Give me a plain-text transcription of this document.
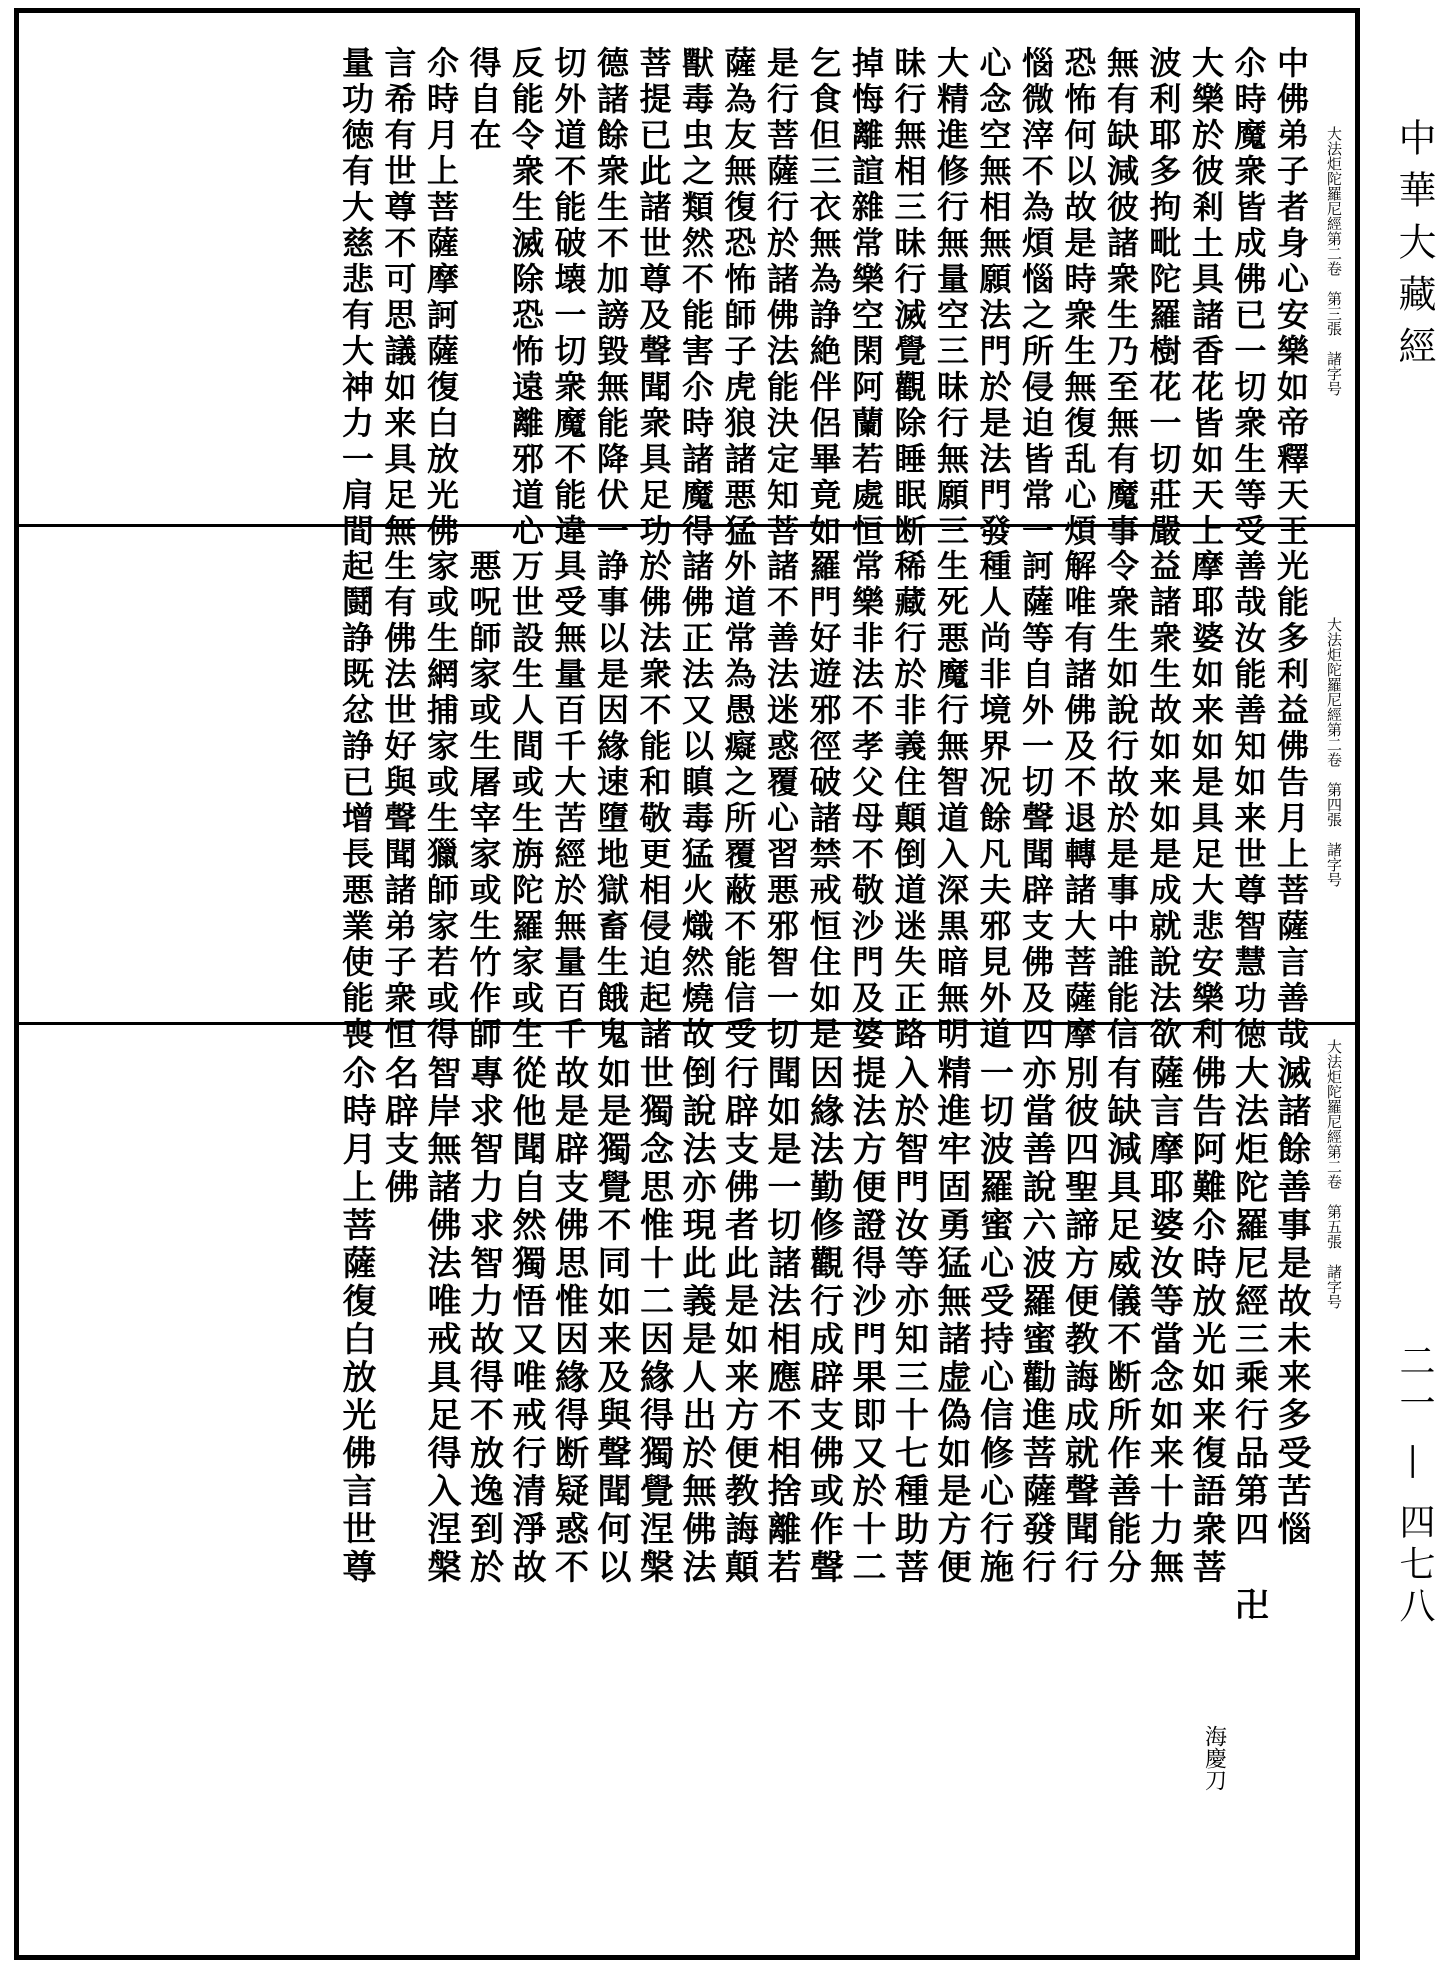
大法炬陀羅尼經第二卷　第三張　諸字号
中佛弟子者身心安樂如帝釋天王
尒時魔衆皆成佛已一切衆生等受
大樂於彼剎土具諸香花皆如天上
波利耶多拘毗陀羅樹花一切莊嚴
無有缺減彼諸衆生乃至無有魔事
恐怖何以故是時衆生無復乱心煩
惱微滓不為煩惱之所侵迫皆常一
心念空無相無願法門於是法門發
大精進修行無量空三昧行無願三
昧行無相三昧行滅覺觀除睡眠断
掉悔離諠雜常樂空閑阿蘭若處恒
乞食但三衣無為諍絶伴侶畢竟如
是行菩薩行於諸佛法能決定知菩
薩為友無復恐怖師子虎狼諸悪猛
獸毒虫之類然不能害尒時諸魔得
菩提已此諸世尊及聲聞衆具足功
德諸餘衆生不加謗毀無能降伏一
切外道不能破壊一切衆魔不能違
反能令衆生滅除恐怖遠離邪道心
得自在
尒時月上菩薩摩訶薩復白放光佛
言希有世尊不可思議如来具足無
量功徳有大慈悲有大神力一肩間
大法炬陀羅尼經第二卷　第四張　諸字号
光能多利益佛告月上菩薩言善哉
善哉汝能善知如来世尊智慧功徳
摩耶婆如来如是具足大悲安樂利
益諸衆生故如来如是成就說法欲
令衆生如說行故於是事中誰能信
解唯有諸佛及不退轉諸大菩薩摩
訶薩等自外一切聲聞辟支佛及四
種人尚非境界况餘凡夫邪見外道
生死悪魔行無智道入深黒暗無明
稀藏行於非義住顛倒道迷失正路
常樂非法不孝父母不敬沙門及婆
羅門好遊邪徑破諸禁戒恒住如是
諸不善法迷惑覆心習悪邪智一切
外道常為愚癡之所覆蔽不能信受
諸佛正法又以瞋毒猛火熾然燒故
於佛法衆不能和敬更相侵迫起諸
諍事以是因緣速墮地獄畜生餓鬼
具受無量百千大苦經於無量百千
万世設生人間或生旃陀羅家或生
悪呪師家或生屠宰家或生竹作師
家或生網捕家或生獵師家若或得
生有佛法世好與聲聞諸弟子衆恒
起鬪諍既忿諍已增長悪業使能喪
大法炬陀羅尼經第二卷　第五張　諸字号
滅諸餘善事是故未来多受苦惱
大法炬陀羅尼經三乘行品第四　卍
佛告阿難尒時放光如来復語衆菩
薩言摩耶婆汝等當念如来十力無
有缺減具足威儀不断所作善能分
別彼四聖諦方便教誨成就聲聞行
亦當善說六波羅蜜勸進菩薩發行
一切波羅蜜心受持心信修心行施
精進牢固勇猛無諸虚偽如是方便
入於智門汝等亦知三十七種助菩
提法方便證得沙門果即又於十二
因緣法勤修觀行成辟支佛或作聲
聞如是一切諸法相應不相捨離若
行辟支佛者此是如来方便教誨顛
倒說法亦現此義是人出於無佛法
世獨念思惟十二因緣得獨覺涅槃
如是獨覺不同如来及與聲聞何以
故是辟支佛思惟因緣得断疑惑不
從他聞自然獨悟又唯戒行清淨故
專求智力求智力故得不放逸到於
智岸無諸佛法唯戒具足得入涅槃
名辟支佛
尒時月上菩薩復白放光佛言世尊
海慶刀
中華大藏經
二一 — 四七八
